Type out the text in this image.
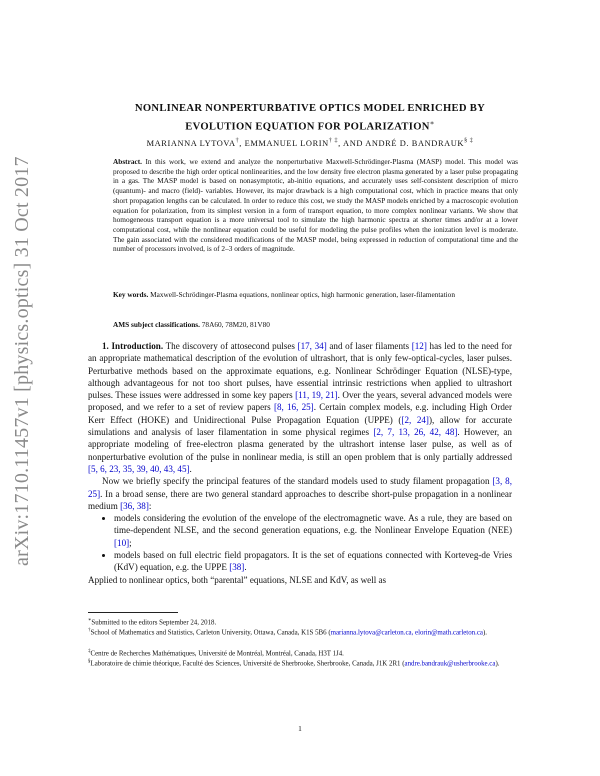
arXiv:1710.11457v1 [physics.optics] 31 Oct 2017
NONLINEAR NONPERTURBATIVE OPTICS MODEL ENRICHED BY EVOLUTION EQUATION FOR POLARIZATION∗
MARIANNA LYTOVA†, EMMANUEL LORIN† ‡, AND ANDRÉ D. BANDRAUK§ ‡
Abstract. In this work, we extend and analyze the nonperturbative Maxwell-Schrödinger-Plasma (MASP) model. This model was proposed to describe the high order optical nonlinearities, and the low density free electron plasma generated by a laser pulse propagating in a gas. The MASP model is based on nonasymptotic, ab-initio equations, and accurately uses self-consistent description of micro (quantum)- and macro (field)- variables. However, its major drawback is a high computational cost, which in practice means that only short propagation lengths can be calculated. In order to reduce this cost, we study the MASP models enriched by a macroscopic evolution equation for polarization, from its simplest version in a form of transport equation, to more complex nonlinear variants. We show that homogeneous transport equation is a more universal tool to simulate the high harmonic spectra at shorter times and/or at a lower computational cost, while the nonlinear equation could be useful for modeling the pulse profiles when the ionization level is moderate. The gain associated with the considered modifications of the MASP model, being expressed in reduction of computational time and the number of processors involved, is of 2–3 orders of magnitude.
Key words. Maxwell-Schrödinger-Plasma equations, nonlinear optics, high harmonic generation, laser-filamentation
AMS subject classifications. 78A60, 78M20, 81V80

1. Introduction. The discovery of attosecond pulses [17, 34] and of laser filaments [12] has led to the need for an appropriate mathematical description of the evolution of ultrashort, that is only few-optical-cycles, laser pulses. Perturbative methods based on the approximate equations, e.g. Nonlinear Schrödinger Equation (NLSE)-type, although advantageous for not too short pulses, have essential intrinsic restrictions when applied to ultrashort pulses. These issues were addressed in some key papers [11, 19, 21]. Over the years, several advanced models were proposed, and we refer to a set of review papers [8, 16, 25]. Certain complex models, e.g. including High Order Kerr Effect (HOKE) and Unidirectional Pulse Propagation Equation (UPPE) ([2, 24]), allow for accurate simulations and analysis of laser filamentation in some physical regimes [2, 7, 13, 26, 42, 48]. However, an appropriate modeling of free-electron plasma generated by the ultrashort intense laser pulse, as well as of nonperturbative evolution of the pulse in nonlinear media, is still an open problem that is only partially addressed [5, 6, 23, 35, 39, 40, 43, 45].

Now we briefly specify the principal features of the standard models used to study filament propagation [3, 8, 25]. In a broad sense, there are two general standard approaches to describe short-pulse propagation in a nonlinear medium [36, 38]:

• models considering the evolution of the envelope of the electromagnetic wave. As a rule, they are based on time-dependent NLSE, and the second generation equations, e.g. the Nonlinear Envelope Equation (NEE) [10];
• models based on full electric field propagators. It is the set of equations connected with Korteveg-de Vries (KdV) equation, e.g. the UPPE [38].
Applied to nonlinear optics, both “parental” equations, NLSE and KdV, as well as
∗Submitted to the editors September 24, 2018.
†School of Mathematics and Statistics, Carleton University, Ottawa, Canada, K1S 5B6 (marianna.lytova@carleton.ca, elorin@math.carleton.ca).
‡Centre de Recherches Mathématiques, Université de Montréal, Montréal, Canada, H3T 1J4.
§Laboratoire de chimie théorique, Faculté des Sciences, Université de Sherbrooke, Sherbrooke, Canada, J1K 2R1 (andre.bandrauk@usherbrooke.ca).
1
